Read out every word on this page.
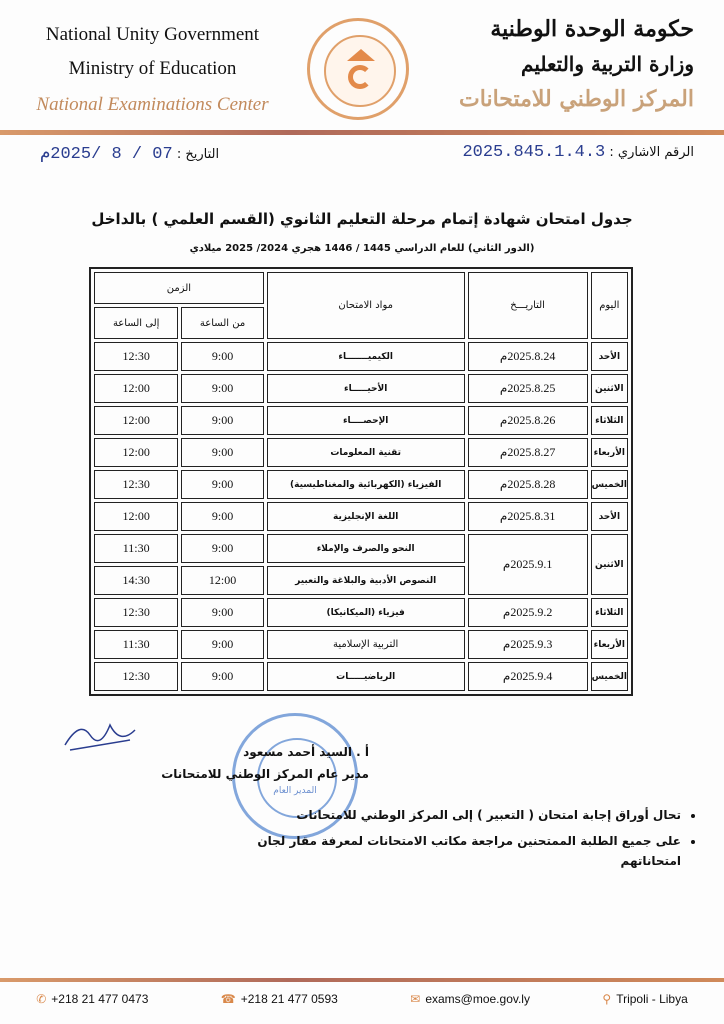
National Unity Government
Ministry of Education
National Examinations Center
حكومة الوحدة الوطنية
وزارة التربية والتعليم
المركز الوطني للامتحانات
الرقم الاشاري : 2025.845.1.4.3
التاريخ : 07 / 8 /2025م
جدول امتحان شهادة إتمام مرحلة التعليم الثانوي (القسم العلمي ) بالداخل
(الدور الثاني) للعام الدراسي 1445 / 1446 هجري 2024/ 2025 ميلادي
اليوم	التاريـــخ	مواد الامتحان	الزمن	
			من الساعة	إلى الساعة
الأحد	2025.8.24م	الكيميـــــــاء	9:00	12:30
الاثنين	2025.8.25م	الأحيـــــاء	9:00	12:00
الثلاثاء	2025.8.26م	الإحصــــاء	9:00	12:00
الأربعاء	2025.8.27م	تقنية المعلومات	9:00	12:00
الخميس	2025.8.28م	الفيزياء (الكهربائية والمغناطيسية)	9:00	12:30
الأحد	2025.8.31م	اللغة الإنجليزية	9:00	12:00
الاثنين	2025.9.1م	النحو والصرف والإملاء	9:00	11:30
		النصوص الأدبية والبلاغة والتعبير	12:00	14:30
الثلاثاء	2025.9.2م	فيزياء (الميكانيكا)	9:00	12:30
الأربعاء	2025.9.3م	التربية الإسلامية	9:00	11:30
الخميس	2025.9.4م	الرياضيـــــات	9:00	12:30
المدير العام
أ . السيد أحمد مسعود
مدير عام المركز الوطني للامتحانات
• تحال أوراق إجابة امتحان ( التعبير ) إلى المركز الوطني للامتحانات
• على جميع الطلبة الممتحنين مراجعة مكاتب الامتحانات لمعرفة مقار لجان امتحاناتهم
✆ +218 21 477 0473	☎ +218 21 477 0593	✉ exams@moe.gov.ly	⚲ Tripoli - Libya
